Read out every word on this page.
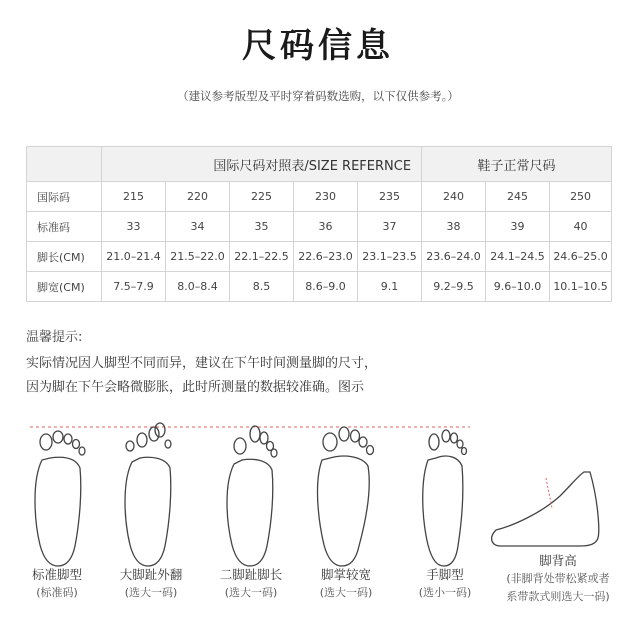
尺码信息
（建议参考版型及平时穿着码数选购，以下仅供参考。）
	国际尺码对照表/SIZE REFERNCE					鞋子正常尺码		
国际码	215	220	225	230	235	240	245	250
标准码	33	34	35	36	37	38	39	40
脚长(CM)	21.0–21.4	21.5–22.0	22.1–22.5	22.6–23.0	23.1–23.5	23.6–24.0	24.1–24.5	24.6–25.0
脚宽(CM)	7.5–7.9	8.0–8.4	8.5	8.6–9.0	9.1	9.2–9.5	9.6–10.0	10.1–10.5
温馨提示:
实际情况因人脚型不同而异，建议在下午时间测量脚的尺寸，
因为脚在下午会略微膨胀，此时所测量的数据较准确。图示
标准脚型
(标准码)
大脚趾外翻
(选大一码)
二脚趾脚长
(选大一码)
脚掌较宽
(选大一码)
手脚型
(选小一码)
脚背高
(非脚背处带松紧或者
系带款式则选大一码)
